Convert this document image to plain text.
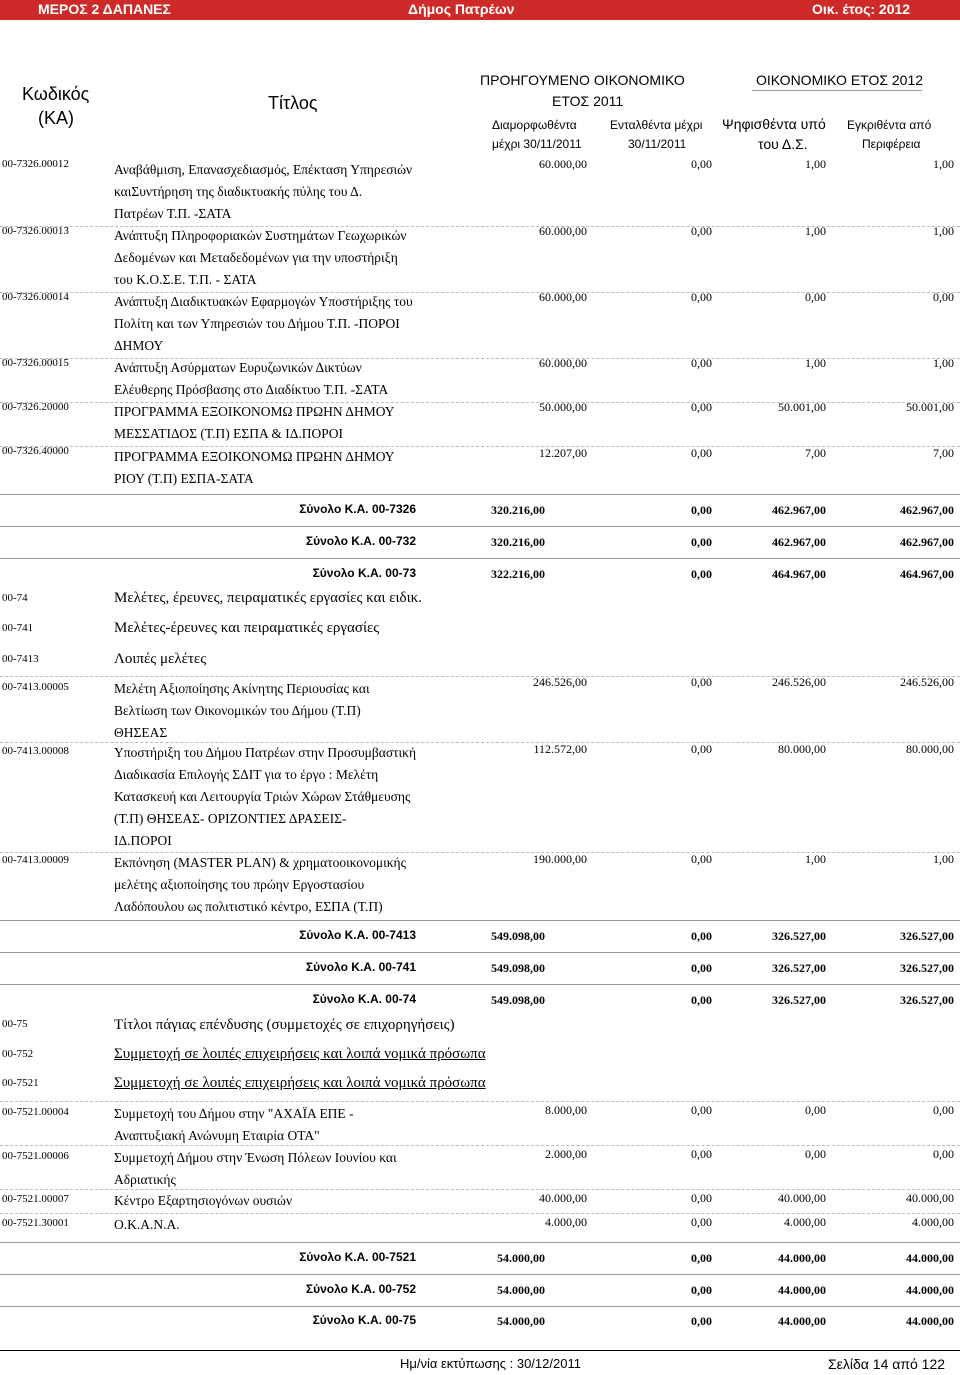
ΜΕΡΟΣ 2 ΔΑΠΑΝΕΣ	Δήμος Πατρέων	Οικ. έτος: 2012
Κωδικός
(ΚΑ)
Τίτλος
ΠΡΟΗΓΟΥΜΕΝΟ ΟΙΚΟΝΟΜΙΚΟ
ΕΤΟΣ 2011
ΟΙΚΟΝΟΜΙΚΟ ΕΤΟΣ 2012
Διαμορφωθέντα
μέχρι 30/11/2011
Ενταλθέντα μέχρι
30/11/2011
Ψηφισθέντα υπό
του Δ.Σ.
Εγκριθέντα από
Περιφέρεια
00-7326.00012	Αναβάθμιση, Επανασχεδιασμός, Επέκταση Υπηρεσιών
καιΣυντήρηση της διαδικτυακής πύλης του Δ.
Πατρέων Τ.Π. -ΣΑΤΑ
60.000,00	0,00	1,00	1,00
00-7326.00013	Ανάπτυξη Πληροφοριακών Συστημάτων Γεωχωρικών
Δεδομένων και Μεταδεδομένων για την υποστήριξη
του Κ.Ο.Σ.Ε. Τ.Π. - ΣΑΤΑ
60.000,00	0,00	1,00	1,00
00-7326.00014	Ανάπτυξη Διαδικτυακών Εφαρμογών Υποστήριξης του
Πολίτη και των Υπηρεσιών του Δήμου Τ.Π. -ΠΟΡΟΙ
ΔΗΜΟΥ
60.000,00	0,00	0,00	0,00
00-7326.00015	Ανάπτυξη Ασύρματων Ευρυζωνικών Δικτύων
Ελέυθερης Πρόσβασης στο Διαδίκτυο Τ.Π. -ΣΑΤΑ
60.000,00	0,00	1,00	1,00
00-7326.20000	ΠΡΟΓΡΑΜΜΑ ΕΞΟΙΚΟΝΟΜΩ ΠΡΩΗΝ ΔΗΜΟΥ
ΜΕΣΣΑΤΙΔΟΣ (Τ.Π) ΕΣΠΑ & ΙΔ.ΠΟΡΟΙ
50.000,00	0,00	50.001,00	50.001,00
00-7326.40000	ΠΡΟΓΡΑΜΜΑ ΕΞΟΙΚΟΝΟΜΩ ΠΡΩΗΝ ΔΗΜΟΥ
ΡΙΟΥ (Τ.Π) ΕΣΠΑ-ΣΑΤΑ
12.207,00	0,00	7,00	7,00
Σύνολο Κ.Α. 00-7326	320.216,00	0,00	462.967,00	462.967,00
Σύνολο Κ.Α. 00-732	320.216,00	0,00	462.967,00	462.967,00
Σύνολο Κ.Α. 00-73	322.216,00	0,00	464.967,00	464.967,00
00-74	Μελέτες, έρευνες, πειραματικές εργασίες και ειδικ.
00-741	Μελέτες-έρευνες και πειραματικές εργασίες
00-7413	Λοιπές μελέτες
00-7413.00005	Μελέτη Αξιοποίησης Ακίνητης Περιουσίας και
Βελτίωση των Οικονομικών του Δήμου (Τ.Π)
ΘΗΣΕΑΣ
246.526,00	0,00	246.526,00	246.526,00
00-7413.00008	Υποστήριξη του Δήμου Πατρέων στην Προσυμβαστική
Διαδικασία Επιλογής ΣΔΙΤ για το έργο : Μελέτη
Κατασκευή και Λειτουργία Τριών Χώρων Στάθμευσης
(Τ.Π) ΘΗΣΕΑΣ- ΟΡΙΖΟΝΤΙΕΣ ΔΡΑΣΕΙΣ-
ΙΔ.ΠΟΡΟΙ
112.572,00	0,00	80.000,00	80.000,00
00-7413.00009	Εκπόνηση (MASTER PLAN) & χρηματοοικονομικής
μελέτης αξιοποίησης του πρώην Εργοστασίου
Λαδόπουλου ως πολιτιστικό κέντρο, ΕΣΠΑ (Τ.Π)
190.000,00	0,00	1,00	1,00
Σύνολο Κ.Α. 00-7413	549.098,00	0,00	326.527,00	326.527,00
Σύνολο Κ.Α. 00-741	549.098,00	0,00	326.527,00	326.527,00
Σύνολο Κ.Α. 00-74	549.098,00	0,00	326.527,00	326.527,00
00-75	Τίτλοι πάγιας επένδυσης (συμμετοχές σε επιχορηγήσεις)
00-752	Συμμετοχή σε λοιπές επιχειρήσεις και λοιπά νομικά πρόσωπα
00-7521	Συμμετοχή σε λοιπές επιχειρήσεις και λοιπά νομικά πρόσωπα
00-7521.00004	Συμμετοχή του Δήμου στην "ΑΧΑΪΑ ΕΠΕ -
Αναπτυξιακή Ανώνυμη Εταιρία ΟΤΑ"
8.000,00	0,00	0,00	0,00
00-7521.00006	Συμμετοχή Δήμου στην Ένωση Πόλεων Ιουνίου και
Αδριατικής
2.000,00	0,00	0,00	0,00
00-7521.00007	Κέντρο Εξαρτησιογόνων ουσιών	40.000,00	0,00	40.000,00	40.000,00
00-7521.30001	Ο.Κ.Α.Ν.Α.	4.000,00	0,00	4.000,00	4.000,00
Σύνολο Κ.Α. 00-7521	54.000,00	0,00	44.000,00	44.000,00
Σύνολο Κ.Α. 00-752	54.000,00	0,00	44.000,00	44.000,00
Σύνολο Κ.Α. 00-75	54.000,00	0,00	44.000,00	44.000,00
Ημ/νία εκτύπωσης : 30/12/2011	Σελίδα 14 από 122
